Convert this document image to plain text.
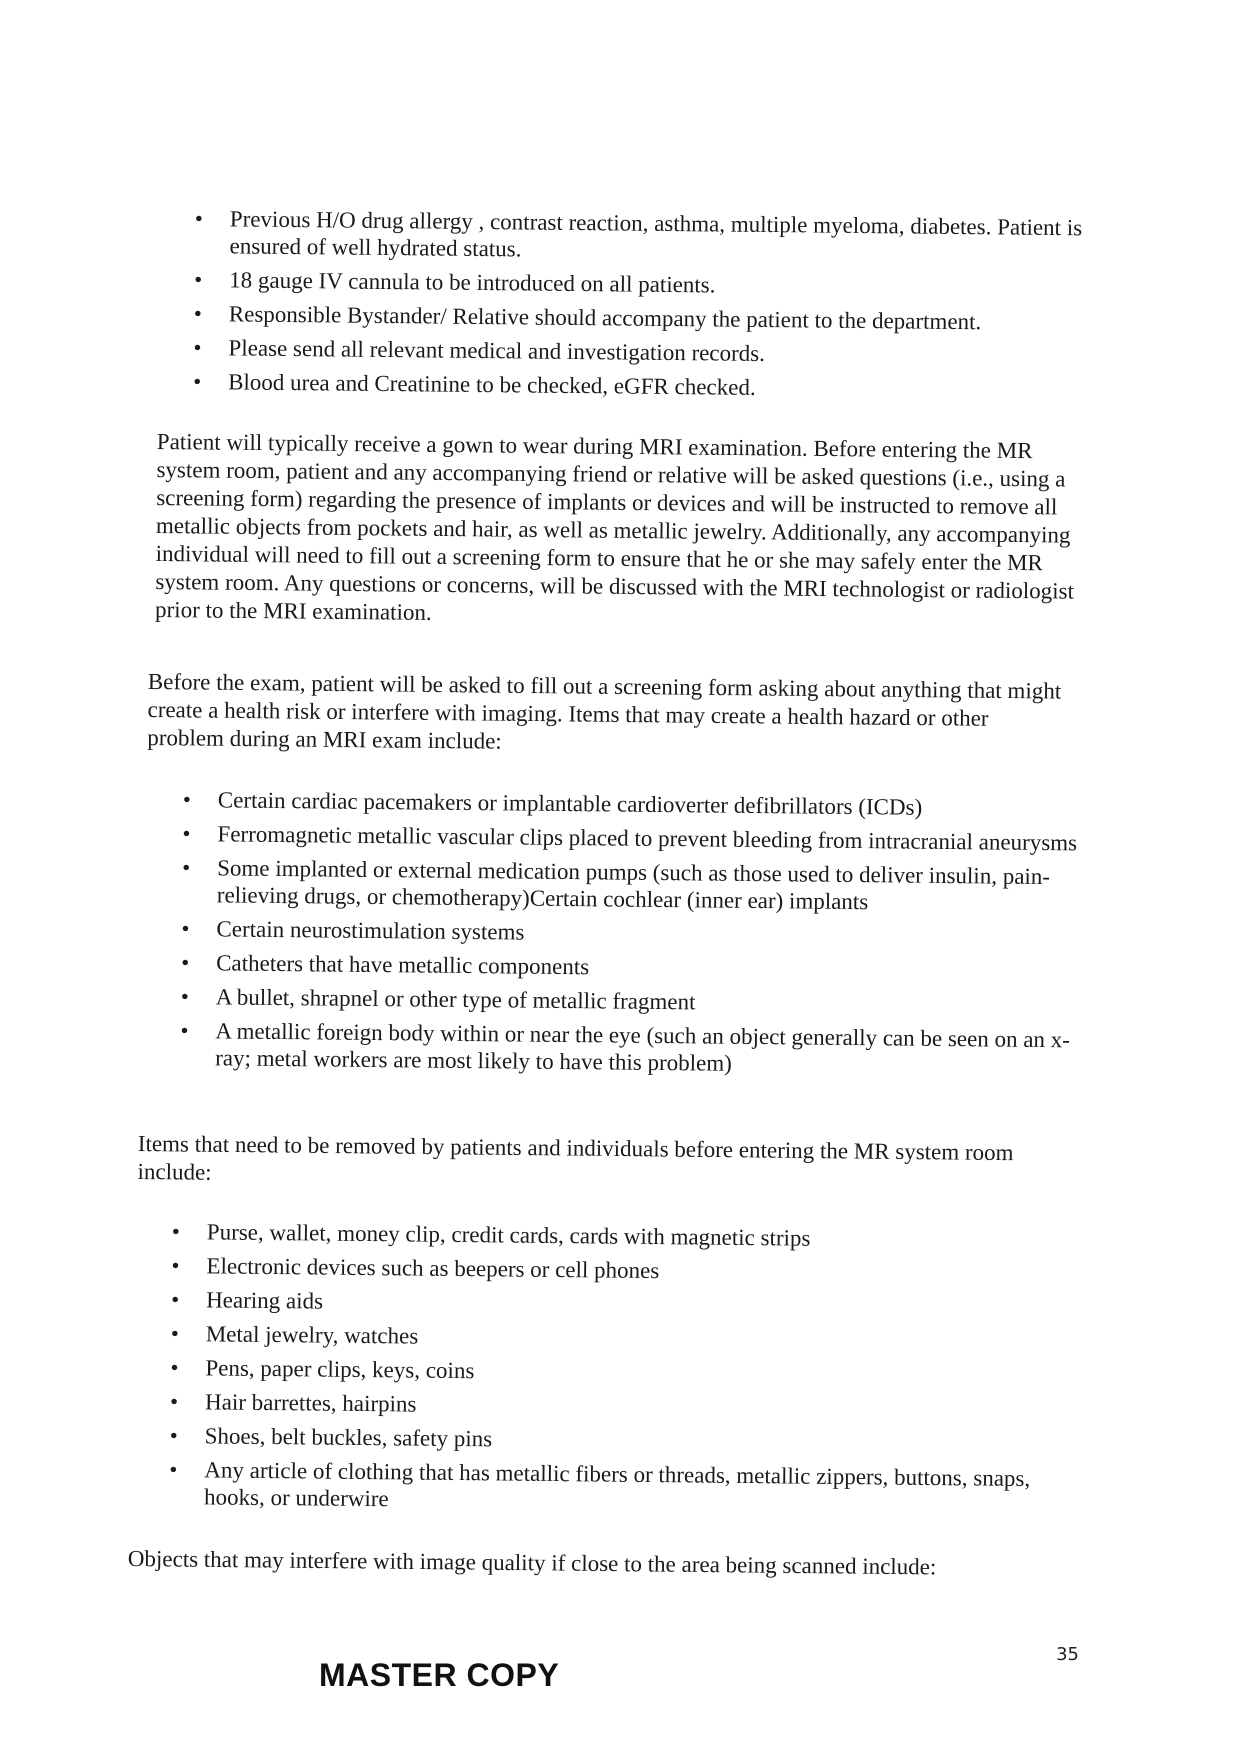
• Previous H/O drug allergy , contrast reaction, asthma, multiple myeloma, diabetes. Patient is ensured of well hydrated status.
• 18 gauge IV cannula to be introduced on all patients.
• Responsible Bystander/ Relative should accompany the patient to the department.
• Please send all relevant medical and investigation records.
• Blood urea and Creatinine to be checked, eGFR checked.

Patient will typically receive a gown to wear during MRI examination. Before entering the MR system room, patient and any accompanying friend or relative will be asked questions (i.e., using a screening form) regarding the presence of implants or devices and will be instructed to remove all metallic objects from pockets and hair, as well as metallic jewelry. Additionally, any accompanying individual will need to fill out a screening form to ensure that he or she may safely enter the MR system room. Any questions or concerns, will be discussed with the MRI technologist or radiologist prior to the MRI examination.

Before the exam, patient will be asked to fill out a screening form asking about anything that might create a health risk or interfere with imaging. Items that may create a health hazard or other problem during an MRI exam include:

• Certain cardiac pacemakers or implantable cardioverter defibrillators (ICDs)
• Ferromagnetic metallic vascular clips placed to prevent bleeding from intracranial aneurysms
• Some implanted or external medication pumps (such as those used to deliver insulin, pain-relieving drugs, or chemotherapy)Certain cochlear (inner ear) implants
• Certain neurostimulation systems
• Catheters that have metallic components
• A bullet, shrapnel or other type of metallic fragment
• A metallic foreign body within or near the eye (such an object generally can be seen on an x-ray; metal workers are most likely to have this problem)

Items that need to be removed by patients and individuals before entering the MR system room include:

• Purse, wallet, money clip, credit cards, cards with magnetic strips
• Electronic devices such as beepers or cell phones
• Hearing aids
• Metal jewelry, watches
• Pens, paper clips, keys, coins
• Hair barrettes, hairpins
• Shoes, belt buckles, safety pins
• Any article of clothing that has metallic fibers or threads, metallic zippers, buttons, snaps, hooks, or underwire

Objects that may interfere with image quality if close to the area being scanned include:

35
MASTER COPY
